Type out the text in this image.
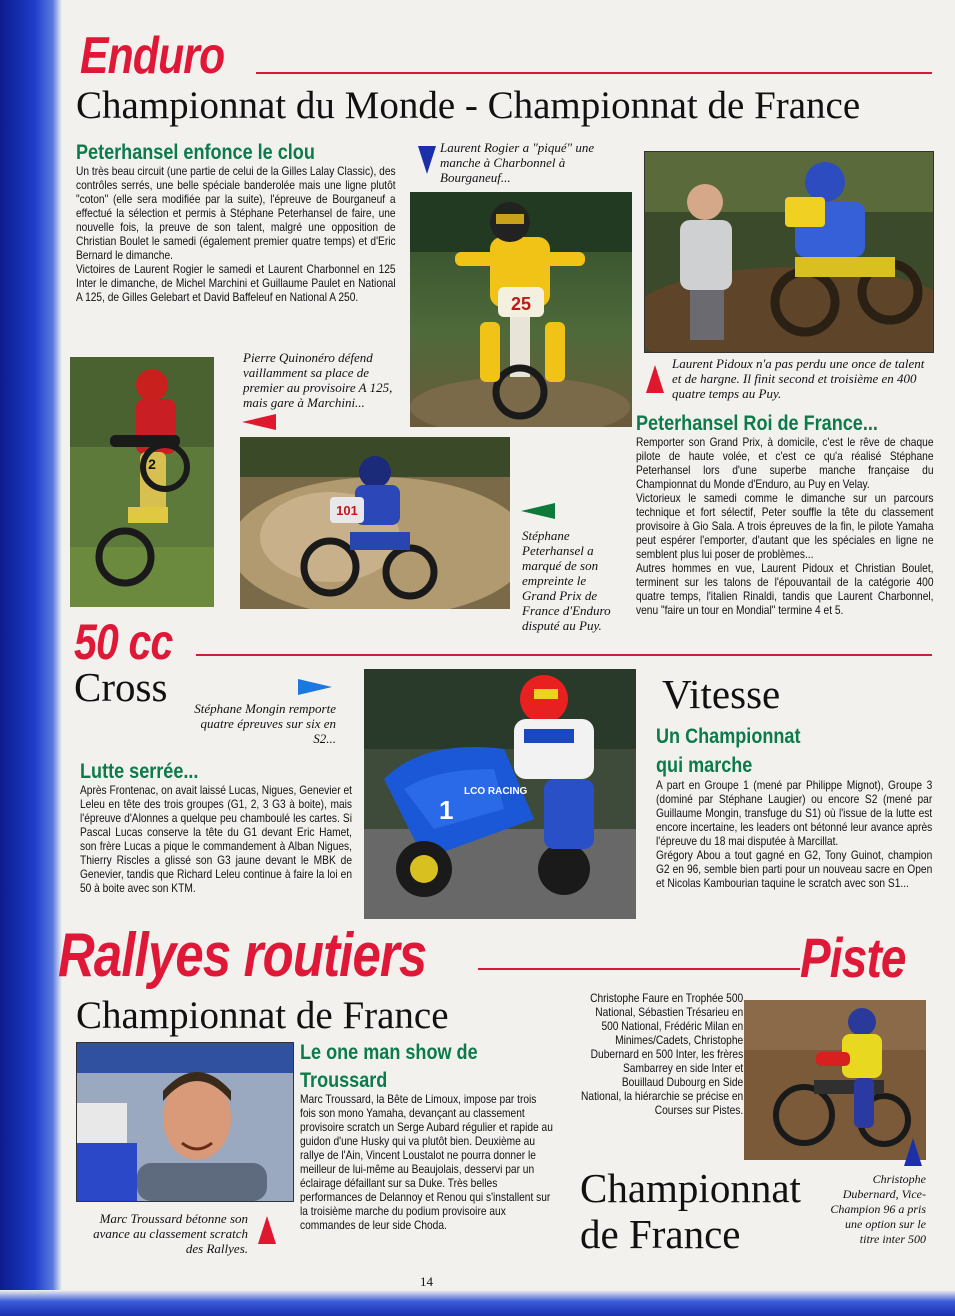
Enduro
Championnat du Monde - Championnat de France
Peterhansel enfonce le clou
Un très beau circuit (une partie de celui de la Gilles Lalay Classic), des contrôles serrés, une belle spéciale banderolée mais une ligne plutôt "coton" (elle sera modifiée par la suite), l'épreuve de Bourganeuf a effectué la sélection et permis à Stéphane Peterhansel de faire, une nouvelle fois, la preuve de son talent, malgré une opposition de Christian Boulet le samedi (également premier quatre temps) et d'Eric Bernard le dimanche.
Victoires de Laurent Rogier le samedi et Laurent Charbonnel en 125 Inter le dimanche, de Michel Marchini et Guillaume Paulet en National A 125, de Gilles Gelebart et David Baffeleuf en National A 250.
Laurent Rogier a "piqué" une manche à Charbonnel à Bourganeuf...
25
Laurent Pidoux n'a pas perdu une once de talent et de hargne. Il finit second et troisième en 400 quatre temps au Puy.
Pierre Quinonéro défend vaillamment sa place de premier au provisoire A 125, mais gare à Marchini...
2
101
Stéphane Peterhansel a marqué de son empreinte le Grand Prix de France d'Enduro disputé au Puy.
Peterhansel Roi de France...
Remporter son Grand Prix, à domicile, c'est le rêve de chaque pilote de haute volée, et c'est ce qu'a réalisé Stéphane Peterhansel lors d'une superbe manche française du Championnat du Monde d'Enduro, au Puy en Velay.
Victorieux le samedi comme le dimanche sur un parcours technique et fort sélectif, Peter souffle la tête du classement provisoire à Gio Sala. A trois épreuves de la fin, le pilote Yamaha peut espérer l'emporter, d'autant que les spéciales en ligne ne semblent plus lui poser de problèmes...
Autres hommes en vue, Laurent Pidoux et Christian Boulet, terminent sur les talons de l'épouvantail de la catégorie 400 quatre temps, l'italien Rinaldi, tandis que Laurent Charbonnel, venu "faire un tour en Mondial" termine 4 et 5.
50 cc
Cross	Stéphane Mongin remporte quatre épreuves sur six en S2...
Lutte serrée...
Après Frontenac, on avait laissé Lucas, Nigues, Genevier et Leleu en tête des trois groupes (G1, 2, 3 G3 à boite), mais l'épreuve d'Alonnes a quelque peu chamboulé les cartes. Si Pascal Lucas conserve la tête du G1 devant Eric Hamet, son frère Lucas a pique le commandement à Alban Nigues, Thierry Riscles a glissé son G3 jaune devant le MBK de Genevier, tandis que Richard Leleu continue à faire la loi en 50 à boite avec son KTM.
1
LCO RACING
Vitesse
Un Championnat
qui marche
A part en Groupe 1 (mené par Philippe Mignot), Groupe 3 (dominé par Stéphane Laugier) ou encore S2 (mené par Guillaume Mongin, transfuge du S1) où l'issue de la lutte est encore incertaine, les leaders ont bétonné leur avance après l'épreuve du 18 mai disputée à Marcillat.
Grégory Abou a tout gagné en G2, Tony Guinot, champion G2 en 96, semble bien parti pour un nouveau sacre en Open et Nicolas Kambourian taquine le scratch avec son S1...
Rallyes routiers
Championnat de France
Marc Troussard bétonne son avance au classement scratch des Rallyes.
Le one man show de
Troussard
Marc Troussard, la Bête de Limoux, impose par trois fois son mono Yamaha, devançant au classement provisoire scratch un Serge Aubard régulier et rapide au guidon d'une Husky qui va plutôt bien. Deuxième au rallye de l'Ain, Vincent Loustalot ne pourra donner le meilleur de lui-même au Beaujolais, desservi par un éclairage défaillant sur sa Duke. Très belles performances de Delannoy et Renou qui s'installent sur la troisième marche du podium provisoire aux commandes de leur side Choda.
Piste
Christophe Faure en Trophée 500 National, Sébastien Trésarieu en 500 National, Frédéric Milan en Minimes/Cadets, Christophe Dubernard en 500 Inter, les frères Sambarrey en side Inter et Bouillaud Dubourg en Side National, la hiérarchie se précise en Courses sur Pistes.
Championnat
de France
Christophe Dubernard, Vice-Champion 96 a pris une option sur le titre inter 500
14
